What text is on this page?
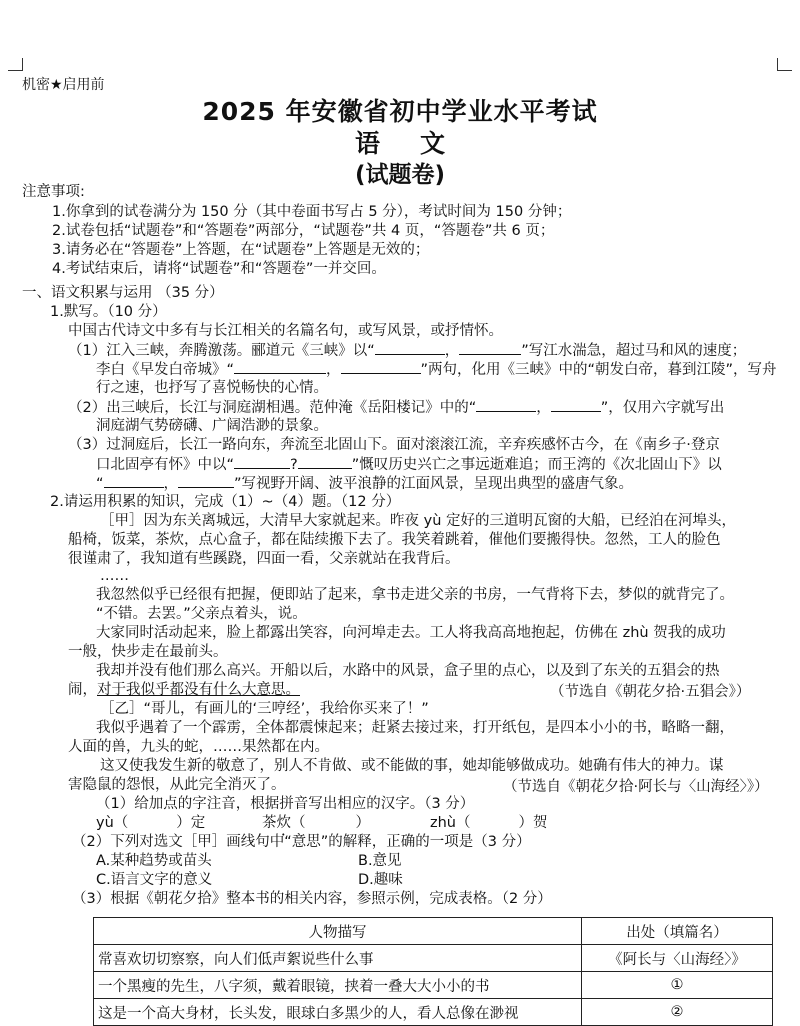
机密★启用前
2025 年安徽省初中学业水平考试
语文
(试题卷)
注意事项:
1.你拿到的试卷满分为 150 分（其中卷面书写占 5 分），考试时间为 150 分钟；
2.试卷包括“试题卷”和“答题卷”两部分，“试题卷”共 4 页，“答题卷”共 6 页；
3.请务必在“答题卷”上答题，在“试题卷”上答题是无效的；
4.考试结束后，请将“试题卷”和“答题卷”一并交回。
一、语文积累与运用 （35 分）
1.默写。（10 分）
中国古代诗文中多有与长江相关的名篇名句，或写风景，或抒情怀。
（1）江入三峡，奔腾激荡。郦道元《三峡》以“	，	”写江水湍急，超过马和风的速度；
李白《早发白帝城》“	，	”两句，化用《三峡》中的“朝发白帝，暮到江陵”，写舟
行之速，也抒写了喜悦畅快的心情。
（2）出三峡后，长江与洞庭湖相遇。范仲淹《岳阳楼记》中的“	，	”，仅用六字就写出
洞庭湖气势磅礴、广阔浩渺的景象。
（3）过洞庭后，长江一路向东，奔流至北固山下。面对滚滚江流，辛弃疾感怀古今，在《南乡子·登京
口北固亭有怀》中以“	?	”慨叹历史兴亡之事远逝难追；而王湾的《次北固山下》以
“	，	”写视野开阔、波平浪静的江面风景，呈现出典型的盛唐气象。
2.请运用积累的知识，完成（1）~（4）题。（12 分）
［甲］因为东关离城远，大清早大家就起来。昨夜 yù 定好的三道明瓦窗的大船，已经泊在河埠头，
船椅，饭菜，茶炊，点心盒子，都在陆续搬下去了。我笑着跳着，催他们要搬得快。忽然，工人的脸色
很谨肃了，我知道有些蹊跷，四面一看，父亲就站在我背后。
……
我忽然似乎已经很有把握，便即站了起来，拿书走进父亲的书房，一气背将下去，梦似的就背完了。
“不错。去罢。”父亲点着头，说。
大家同时活动起来，脸上都露出笑容，向河埠走去。工人将我高高地抱起，仿佛在 zhù 贺我的成功
一般，快步走在最前头。
我却并没有他们那么高兴。开船以后，水路中的风景，盒子里的点心，以及到了东关的五猖会的热
闹，对于我似乎都没有什么大意思。	（节选自《朝花夕拾·五猖会》）
［乙］“哥儿，有画儿的‘三哼经’，我给你买来了！”
我似乎遇着了一个霹雳，全体都震悚起来；赶紧去接过来，打开纸包，是四本小小的书，略略一翻，
人面的兽，九头的蛇，……果然都在内。
这又使我发生新的敬意了，别人不肯做、或不能做的事，她却能够做成功。她确有伟大的神力。谋
害隐鼠的怨恨，从此完全消灭了。	（节选自《朝花夕拾·阿长与〈山海经〉》）
（1）给加点的字注音，根据拼音写出相应的汉字。（3 分）
yù（	）定	茶炊（	）	zhù（	）贺
（2）下列对选文［甲］画线句中“意思”的解释，正确的一项是（3 分）
A.某种趋势或苗头	B.意见
C.语言文字的意义	D.趣味
（3）根据《朝花夕拾》整本书的相关内容，参照示例，完成表格。（2 分）
人物描写	出处（填篇名）
常喜欢切切察察，向人们低声絮说些什么事	《阿长与〈山海经〉》
一个黑瘦的先生，八字须，戴着眼镜，挟着一叠大大小小的书	①
这是一个高大身材，长头发，眼球白多黑少的人，看人总像在渺视	②
